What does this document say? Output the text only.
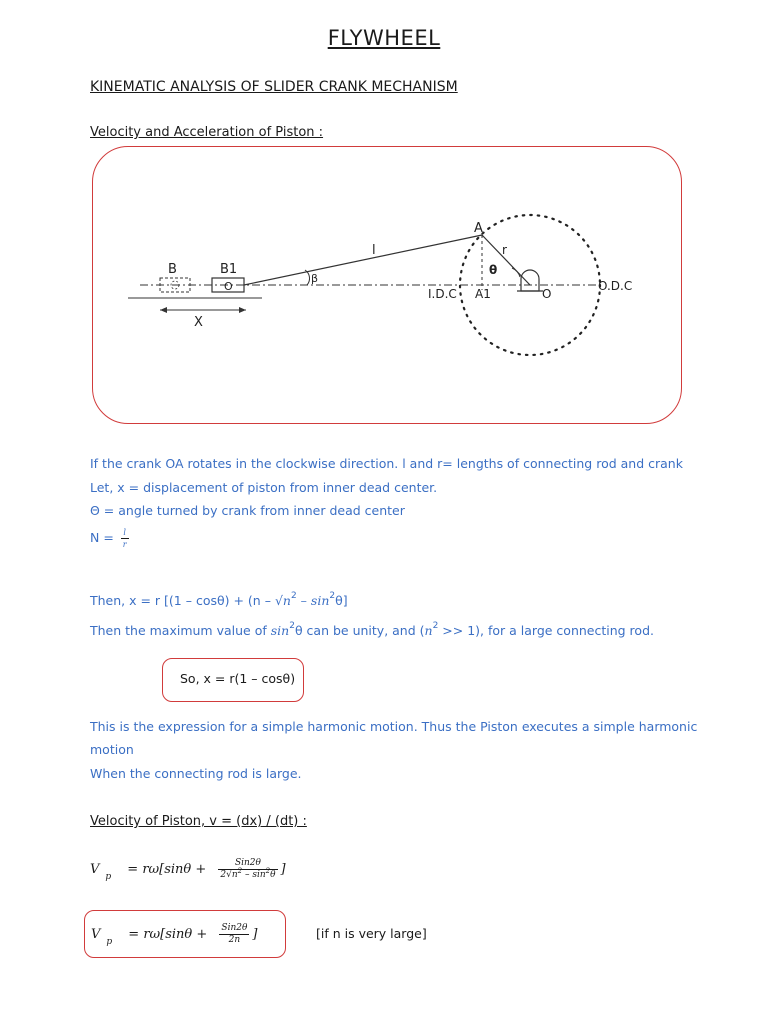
FLYWHEEL
KINEMATIC ANALYSIS OF SLIDER CRANK MECHANISM
Velocity and Acceleration of Piston :
A
r
l
B	B1
O
θ
β
I.D.C A1	O
O.D.C
X
If the crank OA rotates in the clockwise direction. l and r= lengths of connecting rod and crank
Let, x = displacement of piston from inner dead center.
Θ = angle turned by crank from inner dead center
$N = \frac{l}{r}$
Then, x = r [$(1 - \cos\theta) + (n - √n^2 - \sin^2\theta]$
Then the maximum value of $\sin^2\theta$ can be unity, and $(n^2 >> 1)$, for a large connecting rod.
So, x = r(1 – cosθ)
This is the expression for a simple harmonic motion. Thus the Piston executes a simple harmonic
motion
When the connecting rod is large.
Velocity of Piston, v = (dx) / (dt) :
V $_p = r\omega[\sin\theta + \frac{\text{Sin2θ}}{2√n^2 - \sin^2\theta}$ ]
V $_p = r\omega[\sin\theta + \frac{\text{Sin2θ}}{2n}$ ]	[if n is very large]
